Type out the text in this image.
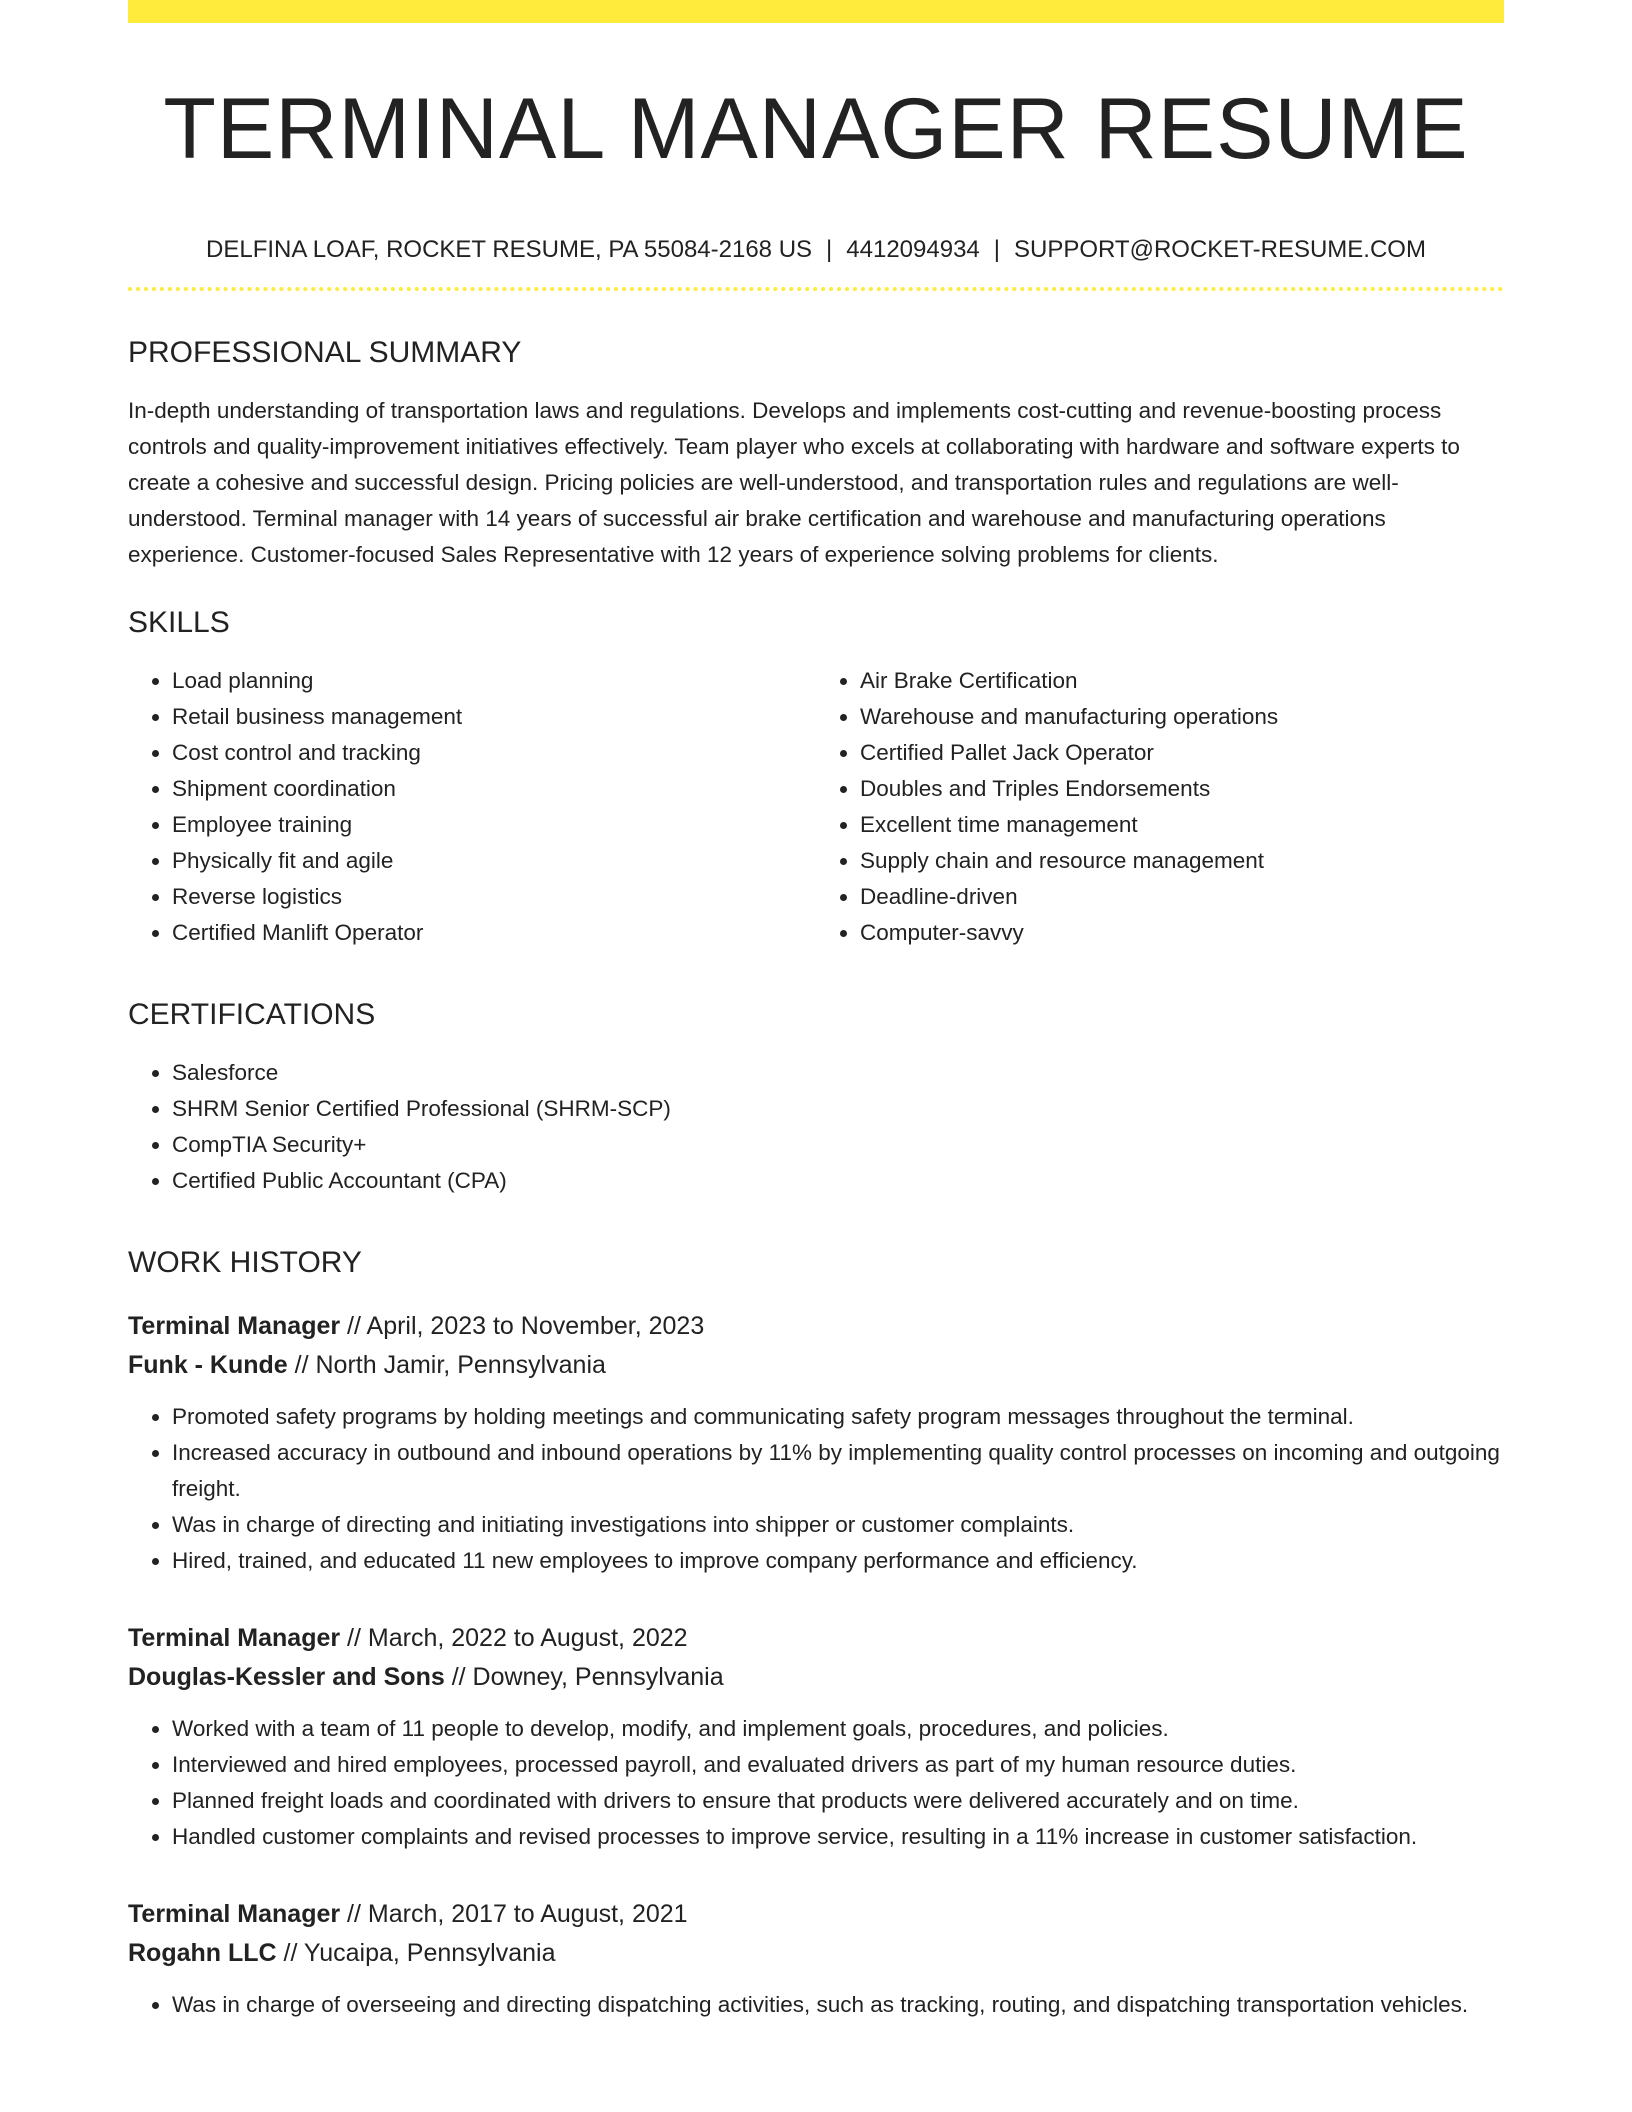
TERMINAL MANAGER RESUME
DELFINA LOAF, ROCKET RESUME, PA 55084-2168 US | 4412094934 | SUPPORT@ROCKET-RESUME.COM
PROFESSIONAL SUMMARY

In-depth understanding of transportation laws and regulations. Develops and implements cost-cutting and revenue-boosting process controls and quality-improvement initiatives effectively. Team player who excels at collaborating with hardware and software experts to create a cohesive and successful design. Pricing policies are well-understood, and transportation rules and regulations are well-understood. Terminal manager with 14 years of successful air brake certification and warehouse and manufacturing operations experience. Customer-focused Sales Representative with 12 years of experience solving problems for clients.

SKILLS
• Load planning
• Retail business management
• Cost control and tracking
• Shipment coordination
• Employee training
• Physically fit and agile
• Reverse logistics
• Certified Manlift Operator
• Air Brake Certification
• Warehouse and manufacturing operations
• Certified Pallet Jack Operator
• Doubles and Triples Endorsements
• Excellent time management
• Supply chain and resource management
• Deadline-driven
• Computer-savvy
CERTIFICATIONS
• Salesforce
• SHRM Senior Certified Professional (SHRM-SCP)
• CompTIA Security+
• Certified Public Accountant (CPA)
WORK HISTORY
Terminal Manager // April, 2023 to November, 2023
Funk - Kunde // North Jamir, Pennsylvania
• Promoted safety programs by holding meetings and communicating safety program messages throughout the terminal.
• Increased accuracy in outbound and inbound operations by 11% by implementing quality control processes on incoming and outgoing freight.
• Was in charge of directing and initiating investigations into shipper or customer complaints.
• Hired, trained, and educated 11 new employees to improve company performance and efficiency.
Terminal Manager // March, 2022 to August, 2022
Douglas-Kessler and Sons // Downey, Pennsylvania
• Worked with a team of 11 people to develop, modify, and implement goals, procedures, and policies.
• Interviewed and hired employees, processed payroll, and evaluated drivers as part of my human resource duties.
• Planned freight loads and coordinated with drivers to ensure that products were delivered accurately and on time.
• Handled customer complaints and revised processes to improve service, resulting in a 11% increase in customer satisfaction.
Terminal Manager // March, 2017 to August, 2021
Rogahn LLC // Yucaipa, Pennsylvania
• Was in charge of overseeing and directing dispatching activities, such as tracking, routing, and dispatching transportation vehicles.
